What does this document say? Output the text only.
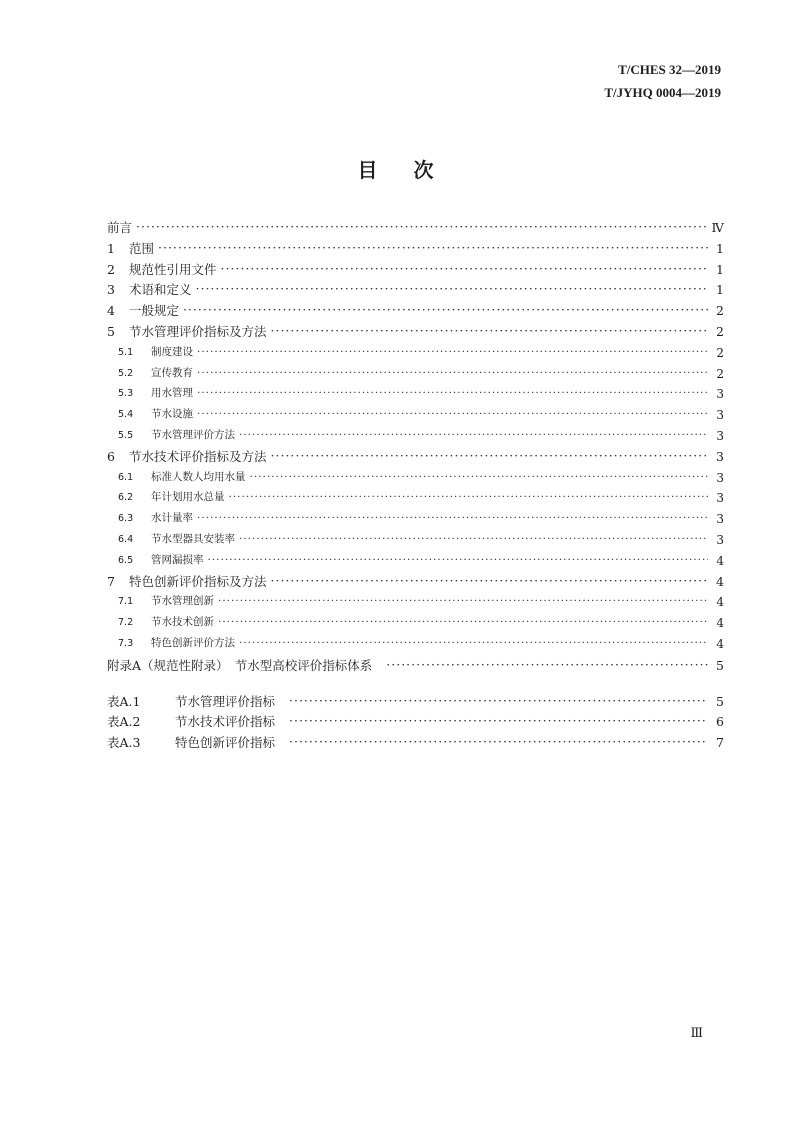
T/CHES 32—2019
T/JYHQ 0004—2019
目 次
前言 ·····	Ⅳ
1 范围 ·····	1
2 规范性引用文件 ·····	1
3 术语和定义 ·····	1
4 一般规定 ·····	2
5 节水管理评价指标及方法 ·····	2
5.1 制度建设 ·····	2
5.2 宣传教育 ·····	2
5.3 用水管理 ·····	3
5.4 节水设施 ·····	3
5.5 节水管理评价方法 ·····	3
6 节水技术评价指标及方法 ·····	3
6.1 标准人数人均用水量 ·····	3
6.2 年计划用水总量 ·····	3
6.3 水计量率 ·····	3
6.4 节水型器具安装率 ·····	3
6.5 管网漏损率 ·····	4
7 特色创新评价指标及方法 ·····	4
7.1 节水管理创新 ·····	4
7.2 节水技术创新 ·····	4
7.3 特色创新评价方法 ·····	4
附录A（规范性附录）　节水型高校评价指标体系 ·····	5
表A.1	节水管理评价指标 ·····	5
表A.2	节水技术评价指标 ·····	6
表A.3	特色创新评价指标 ·····	7
Ⅲ
